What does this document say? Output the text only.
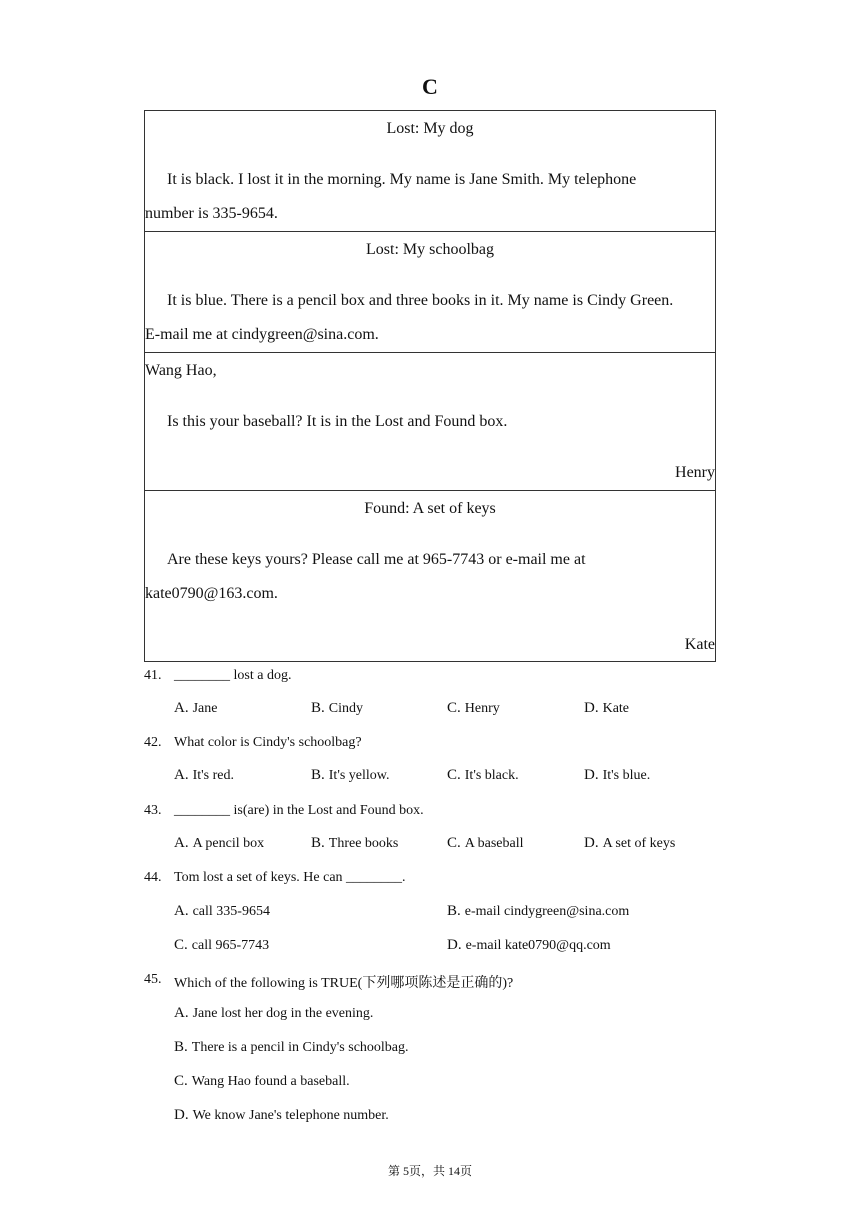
C
Lost: My dog
It is black. I lost it in the morning. My name is Jane Smith. My telephone
number is 335-9654.
Lost: My schoolbag
It is blue. There is a pencil box and three books in it. My name is Cindy Green.
E-mail me at cindygreen@sina.com.
Wang Hao,
Is this your baseball? It is in the Lost and Found box.
Henry
Found: A set of keys
Are these keys yours? Please call me at 965-7743 or e-mail me at
kate0790@163.com.
Kate
41. ________ lost a dog.
A. Jane	B. Cindy	C. Henry	D. Kate
42. What color is Cindy's schoolbag?
A. It's red.	B. It's yellow.	C. It's black.	D. It's blue.
43. ________ is(are) in the Lost and Found box.
A. A pencil box	B. Three books	C. A baseball	D. A set of keys
44. Tom lost a set of keys. He can ________.
A. call 335-9654	B. e-mail cindygreen@sina.com
C. call 965-7743	D. e-mail kate0790@qq.com
45. Which of the following is TRUE(下列哪项陈述是正确的)?
A. Jane lost her dog in the evening.
B. There is a pencil in Cindy's schoolbag.
C. Wang Hao found a baseball.
D. We know Jane's telephone number.
第 5页，共 14页
